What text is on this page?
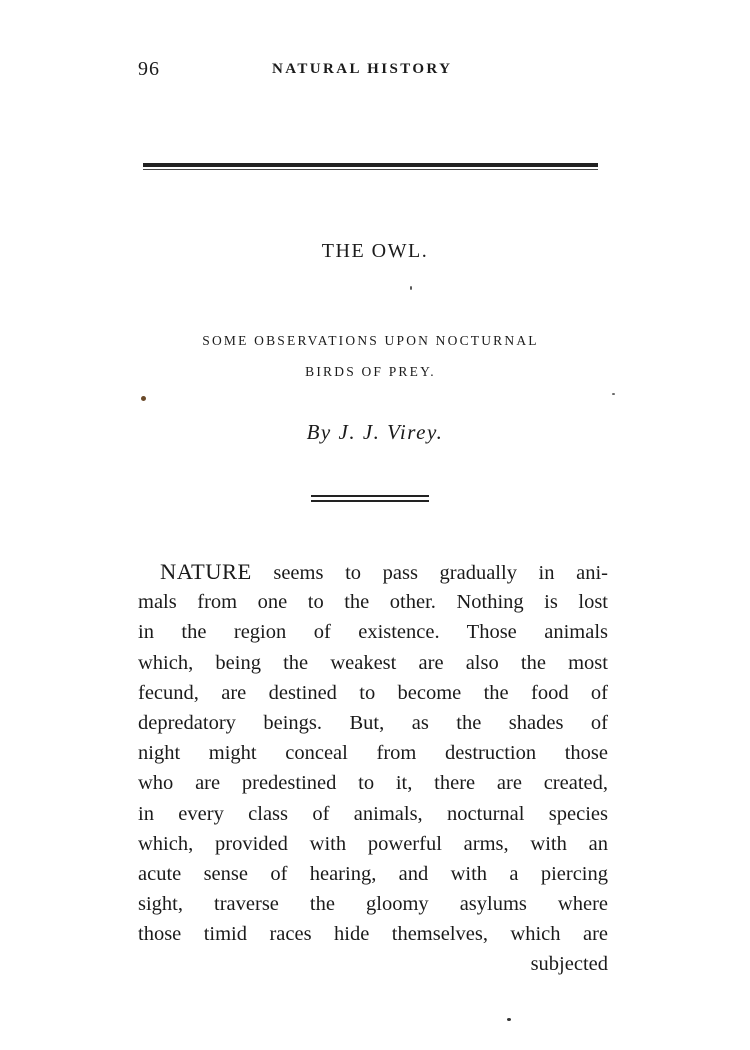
96	NATURAL HISTORY
THE OWL.
SOME OBSERVATIONS UPON NOCTURNAL
BIRDS OF PREY.
By J. J. Virey.
NATURE seems to pass gradually in ani-
mals from one to the other. Nothing is lost
in the region of existence. Those animals
which, being the weakest are also the most
fecund, are destined to become the food of
depredatory beings. But, as the shades of
night might conceal from destruction those
who are predestined to it, there are created,
in every class of animals, nocturnal species
which, provided with powerful arms, with an
acute sense of hearing, and with a piercing
sight, traverse the gloomy asylums where
those timid races hide themselves, which are
subjected
